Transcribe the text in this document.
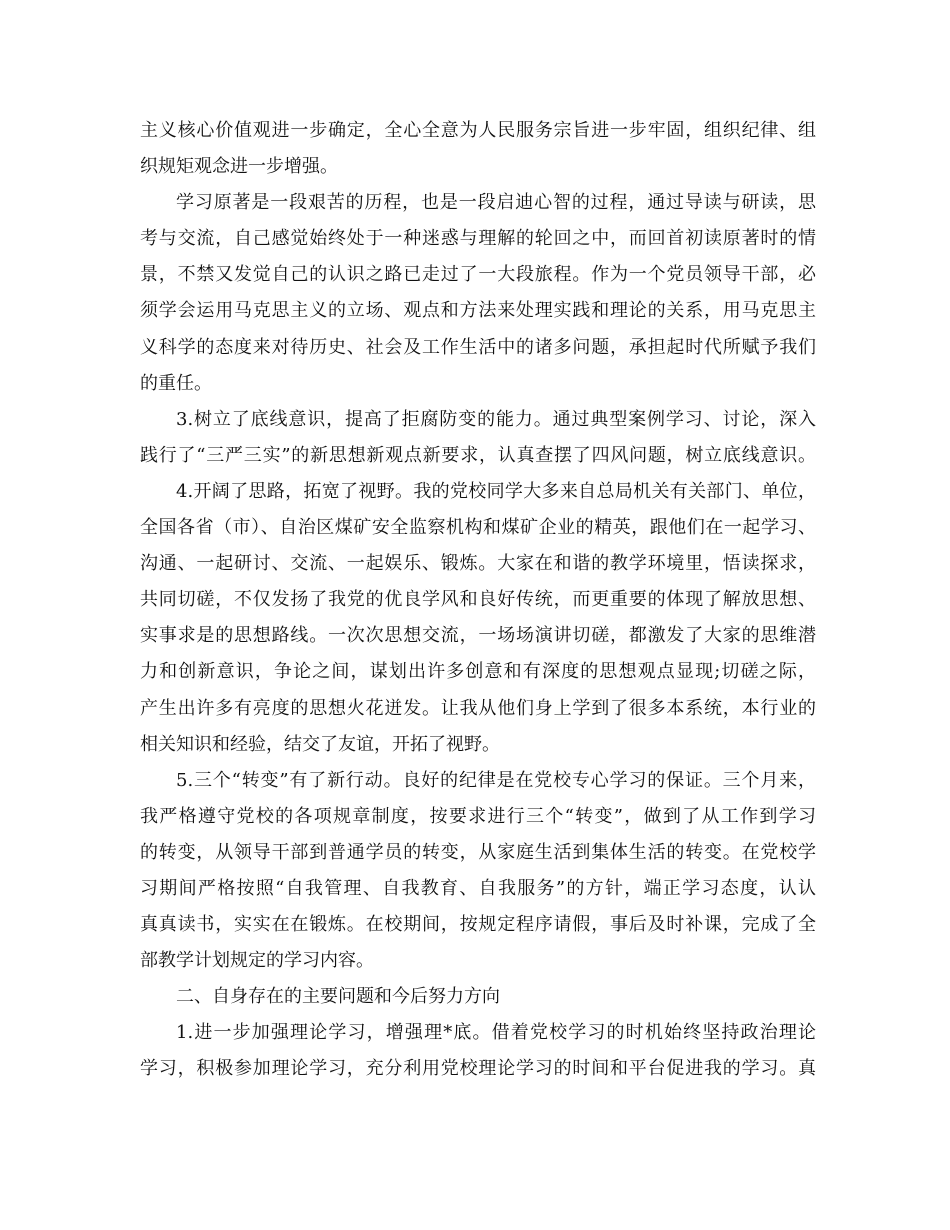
主义核心价值观进一步确定，全心全意为人民服务宗旨进一步牢固，组织纪律、组
织规矩观念进一步增强。
学习原著是一段艰苦的历程，也是一段启迪心智的过程，通过导读与研读，思
考与交流，自己感觉始终处于一种迷惑与理解的轮回之中，而回首初读原著时的情
景，不禁又发觉自己的认识之路已走过了一大段旅程。作为一个党员领导干部，必
须学会运用马克思主义的立场、观点和方法来处理实践和理论的关系，用马克思主
义科学的态度来对待历史、社会及工作生活中的诸多问题，承担起时代所赋予我们
的重任。
3.树立了底线意识，提高了拒腐防变的能力。通过典型案例学习、讨论，深入
践行了“三严三实”的新思想新观点新要求，认真查摆了四风问题，树立底线意识。
4.开阔了思路，拓宽了视野。我的党校同学大多来自总局机关有关部门、单位，
全国各省（市）、自治区煤矿安全监察机构和煤矿企业的精英，跟他们在一起学习、
沟通、一起研讨、交流、一起娱乐、锻炼。大家在和谐的教学环境里，悟读探求，
共同切磋，不仅发扬了我党的优良学风和良好传统，而更重要的体现了解放思想、
实事求是的思想路线。一次次思想交流，一场场演讲切磋，都激发了大家的思维潜
力和创新意识，争论之间，谋划出许多创意和有深度的思想观点显现;切磋之际，
产生出许多有亮度的思想火花迸发。让我从他们身上学到了很多本系统，本行业的
相关知识和经验，结交了友谊，开拓了视野。
5.三个“转变”有了新行动。良好的纪律是在党校专心学习的保证。三个月来，
我严格遵守党校的各项规章制度，按要求进行三个“转变”，做到了从工作到学习
的转变，从领导干部到普通学员的转变，从家庭生活到集体生活的转变。在党校学
习期间严格按照“自我管理、自我教育、自我服务”的方针，端正学习态度，认认
真真读书，实实在在锻炼。在校期间，按规定程序请假，事后及时补课，完成了全
部教学计划规定的学习内容。
二、自身存在的主要问题和今后努力方向
1.进一步加强理论学习，增强理*底。借着党校学习的时机始终坚持政治理论
学习，积极参加理论学习，充分利用党校理论学习的时间和平台促进我的学习。真
